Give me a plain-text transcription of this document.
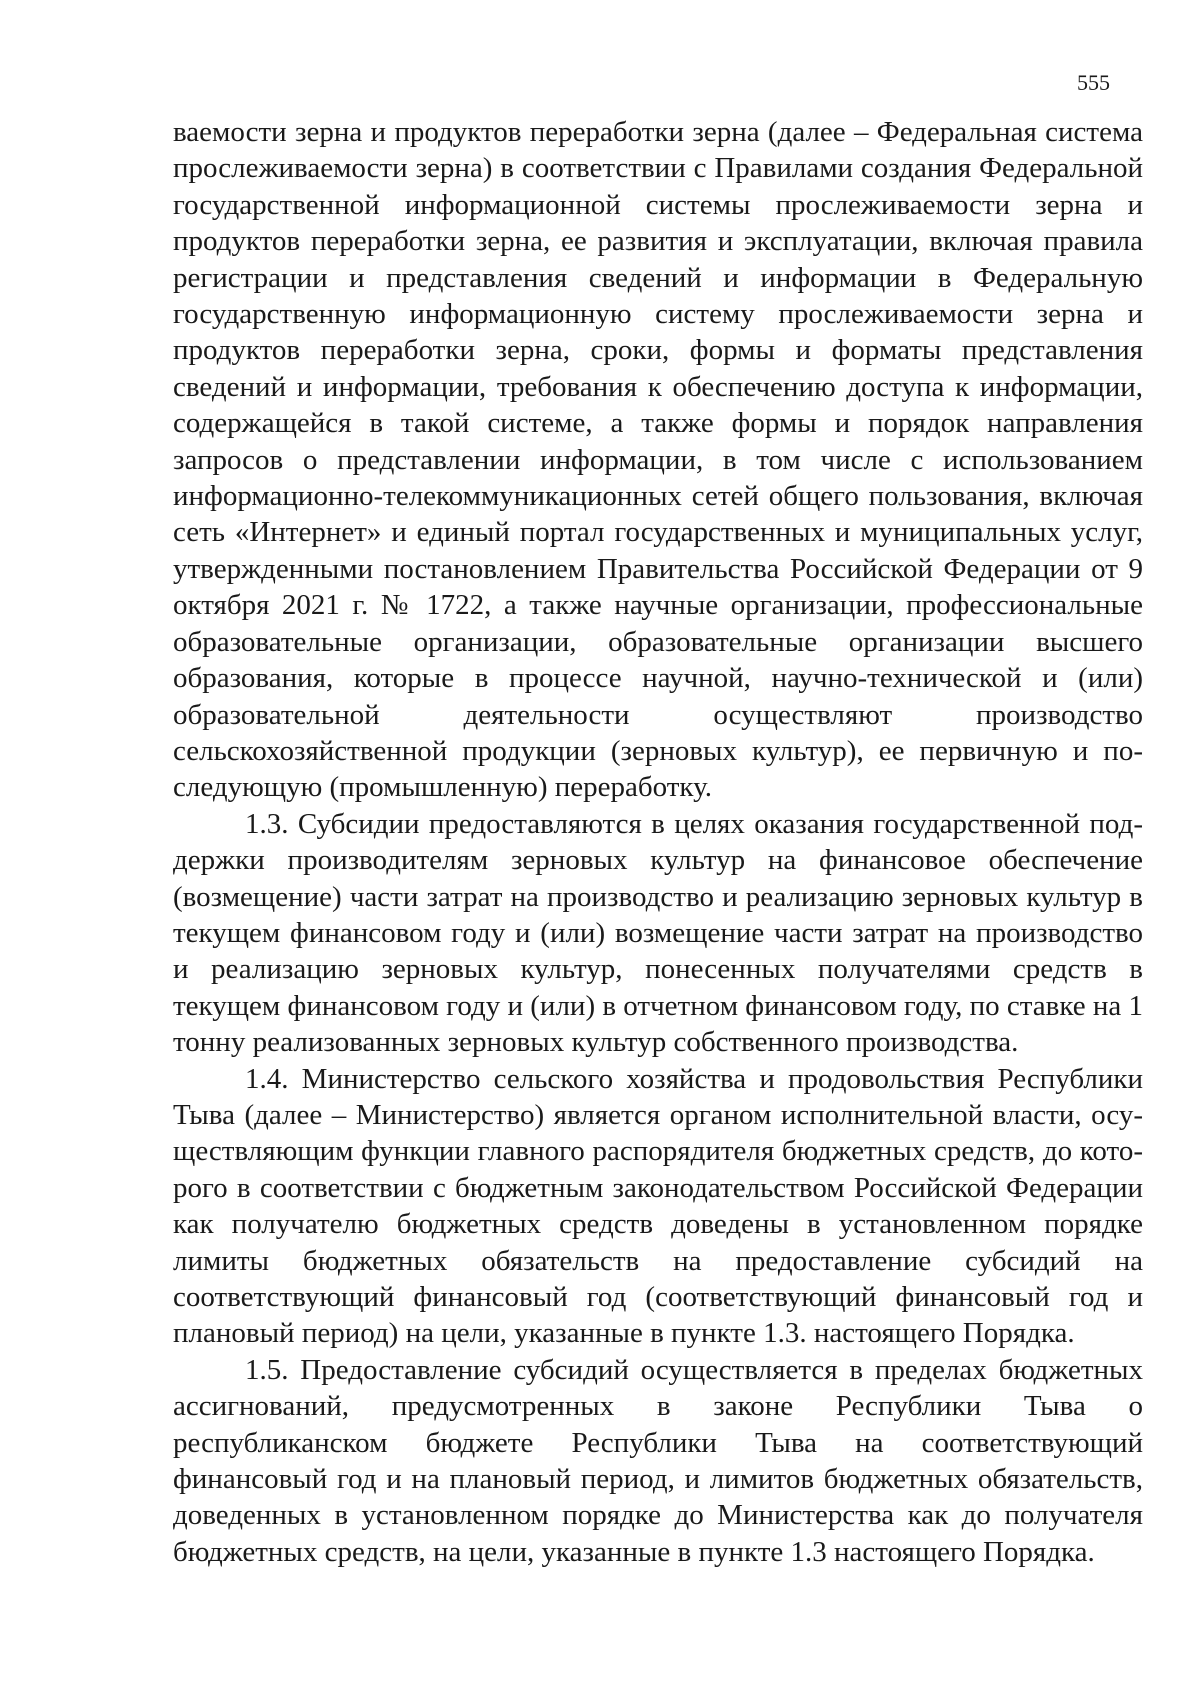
555

ваемости зерна и продуктов переработки зерна (далее – Федеральная система прослеживаемости зерна) в соответствии с Правилами создания Федеральной государственной информационной системы прослеживаемости зерна и продуктов переработки зерна, ее развития и эксплуатации, включая правила регистрации и представления сведений и информации в Федеральную государственную информационную систему прослеживаемости зерна и продуктов переработки зерна, сроки, формы и форматы представления сведений и информации, требования к обеспечению доступа к информации, содержащейся в такой системе, а также формы и порядок направления запросов о представлении информации, в том числе с использованием информационно-телекоммуникационных сетей общего пользования, включая сеть «Интернет» и единый портал государственных и муниципальных услуг, утвержденными постановлением Правительства Российской Федерации от 9 октября 2021 г. № 1722, а также научные организации, профессиональные образовательные организации, образовательные организации высшего образования, которые в процессе научной, научно-технической и (или) образовательной деятельности осуществляют производство сельскохозяйственной продукции (зерновых культур), ее первичную и последующую (промышленную) переработку.

1.3. Субсидии предоставляются в целях оказания государственной поддержки производителям зерновых культур на финансовое обеспечение (возмещение) части затрат на производство и реализацию зерновых культур в текущем финансовом году и (или) возмещение части затрат на производство и реализацию зерновых культур, понесенных получателями средств в текущем финансовом году и (или) в отчетном финансовом году, по ставке на 1 тонну реализованных зерновых культур собственного производства.

1.4. Министерство сельского хозяйства и продовольствия Республики Тыва (далее – Министерство) является органом исполнительной власти, осуществляющим функции главного распорядителя бюджетных средств, до которого в соответствии с бюджетным законодательством Российской Федерации как получателю бюджетных средств доведены в установленном порядке лимиты бюджетных обязательств на предоставление субсидий на соответствующий финансовый год (соответствующий финансовый год и плановый период) на цели, указанные в пункте 1.3. настоящего Порядка.

1.5. Предоставление субсидий осуществляется в пределах бюджетных ассигнований, предусмотренных в законе Республики Тыва о республиканском бюджете Республики Тыва на соответствующий финансовый год и на плановый период, и лимитов бюджетных обязательств, доведенных в установленном порядке до Министерства как до получателя бюджетных средств, на цели, указанные в пункте 1.3 настоящего Порядка.
